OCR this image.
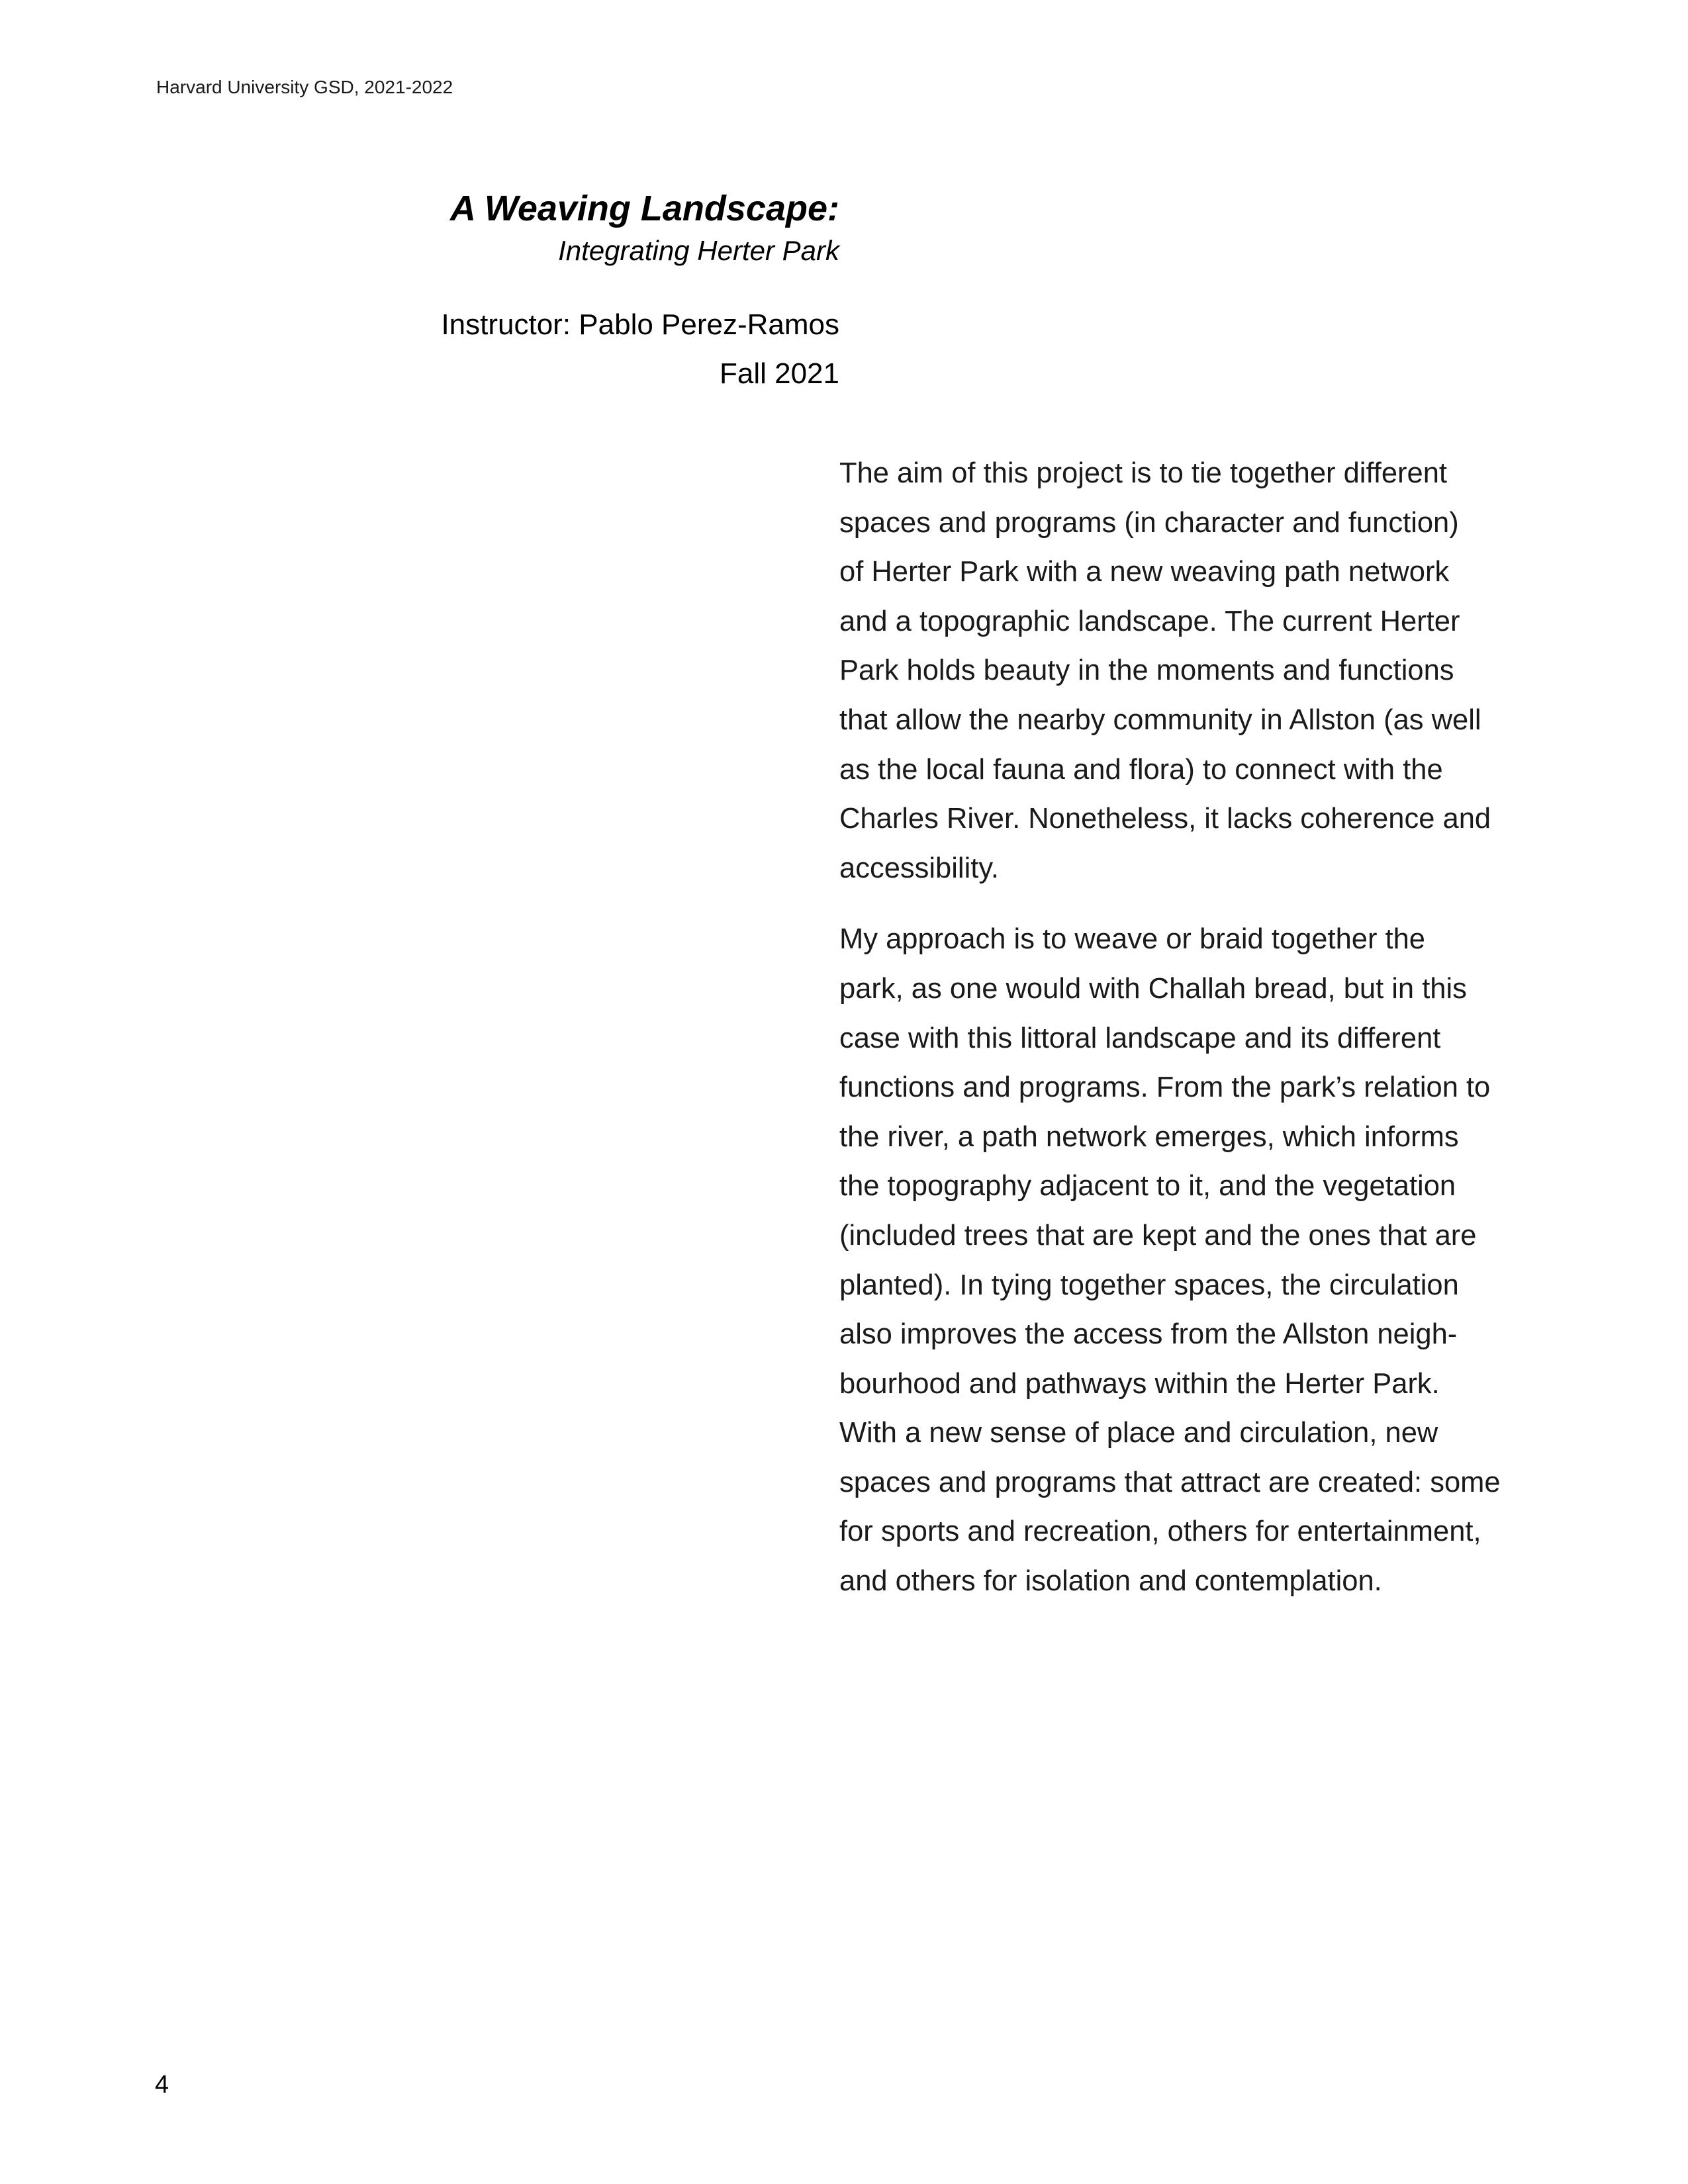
Harvard University GSD, 2021-2022
A Weaving Landscape:
Integrating Herter Park
Instructor: Pablo Perez-Ramos
Fall 2021

The aim of this project is to tie together different
spaces and programs (in character and function)
of Herter Park with a new weaving path network
and a topographic landscape. The current Herter
Park holds beauty in the moments and functions
that allow the nearby community in Allston (as well
as the local fauna and flora) to connect with the
Charles River. Nonetheless, it lacks coherence and
accessibility.

My approach is to weave or braid together the
park, as one would with Challah bread, but in this
case with this littoral landscape and its different
functions and programs. From the park’s relation to
the river, a path network emerges, which informs
the topography adjacent to it, and the vegetation
(included trees that are kept and the ones that are
planted). In tying together spaces, the circulation
also improves the access from the Allston neigh-
bourhood and pathways within the Herter Park.
With a new sense of place and circulation, new
spaces and programs that attract are created: some
for sports and recreation, others for entertainment,
and others for isolation and contemplation.

4
